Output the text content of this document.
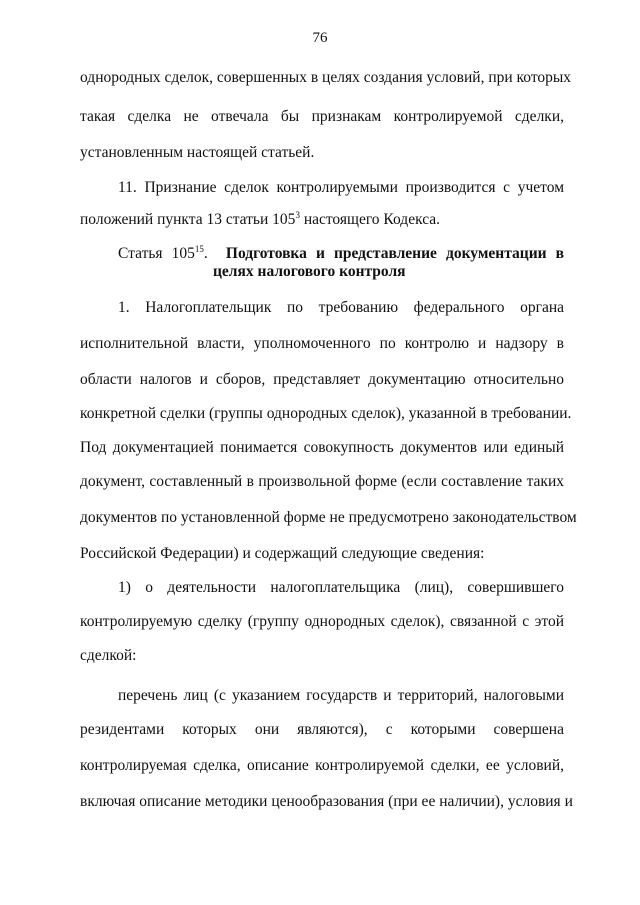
76
однородных сделок, совершенных в целях создания условий, при которых
такая сделка не отвечала бы признакам контролируемой сделки,
установленным настоящей статьей.
11. Признание сделок контролируемыми производится с учетом
положений пункта 13 статьи $105^3$ настоящего Кодекса.
Статья $105^{15}$. Подготовка и представление документации в
целях налогового контроля
1. Налогоплательщик по требованию федерального органа
исполнительной власти, уполномоченного по контролю и надзору в
области налогов и сборов, представляет документацию относительно
конкретной сделки (группы однородных сделок), указанной в требовании.
Под документацией понимается совокупность документов или единый
документ, составленный в произвольной форме (если составление таких
документов по установленной форме не предусмотрено законодательством
Российской Федерации) и содержащий следующие сведения:
1) о деятельности налогоплательщика (лиц), совершившего
контролируемую сделку (группу однородных сделок), связанной с этой
сделкой:
перечень лиц (с указанием государств и территорий, налоговыми
резидентами которых они являются), с которыми совершена
контролируемая сделка, описание контролируемой сделки, ее условий,
включая описание методики ценообразования (при ее наличии), условия и
